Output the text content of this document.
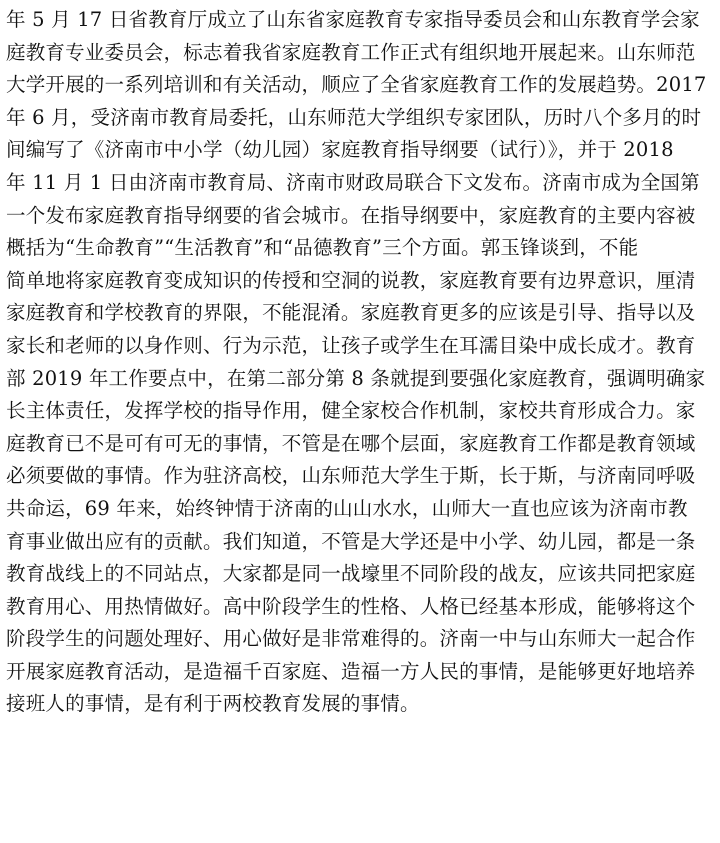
年 5 月 17 日省教育厅成立了山东省家庭教育专家指导委员会和山东教育学会家
庭教育专业委员会，标志着我省家庭教育工作正式有组织地开展起来。山东师范
大学开展的一系列培训和有关活动，顺应了全省家庭教育工作的发展趋势。2017
年 6 月，受济南市教育局委托，山东师范大学组织专家团队，历时八个多月的时
间编写了《济南市中小学（幼儿园）家庭教育指导纲要（试行）》，并于 2018
年 11 月 1 日由济南市教育局、济南市财政局联合下文发布。济南市成为全国第
一个发布家庭教育指导纲要的省会城市。在指导纲要中，家庭教育的主要内容被
概括为“生命教育”“生活教育”和“品德教育”三个方面。郭玉锋谈到，不能
简单地将家庭教育变成知识的传授和空洞的说教，家庭教育要有边界意识，厘清
家庭教育和学校教育的界限，不能混淆。家庭教育更多的应该是引导、指导以及
家长和老师的以身作则、行为示范，让孩子或学生在耳濡目染中成长成才。教育
部 2019 年工作要点中，在第二部分第 8 条就提到要强化家庭教育，强调明确家
长主体责任，发挥学校的指导作用，健全家校合作机制，家校共育形成合力。家
庭教育已不是可有可无的事情，不管是在哪个层面，家庭教育工作都是教育领域
必须要做的事情。作为驻济高校，山东师范大学生于斯，长于斯，与济南同呼吸
共命运，69 年来，始终钟情于济南的山山水水，山师大一直也应该为济南市教
育事业做出应有的贡献。我们知道，不管是大学还是中小学、幼儿园，都是一条
教育战线上的不同站点，大家都是同一战壕里不同阶段的战友，应该共同把家庭
教育用心、用热情做好。高中阶段学生的性格、人格已经基本形成，能够将这个
阶段学生的问题处理好、用心做好是非常难得的。济南一中与山东师大一起合作
开展家庭教育活动，是造福千百家庭、造福一方人民的事情，是能够更好地培养
接班人的事情，是有利于两校教育发展的事情。
